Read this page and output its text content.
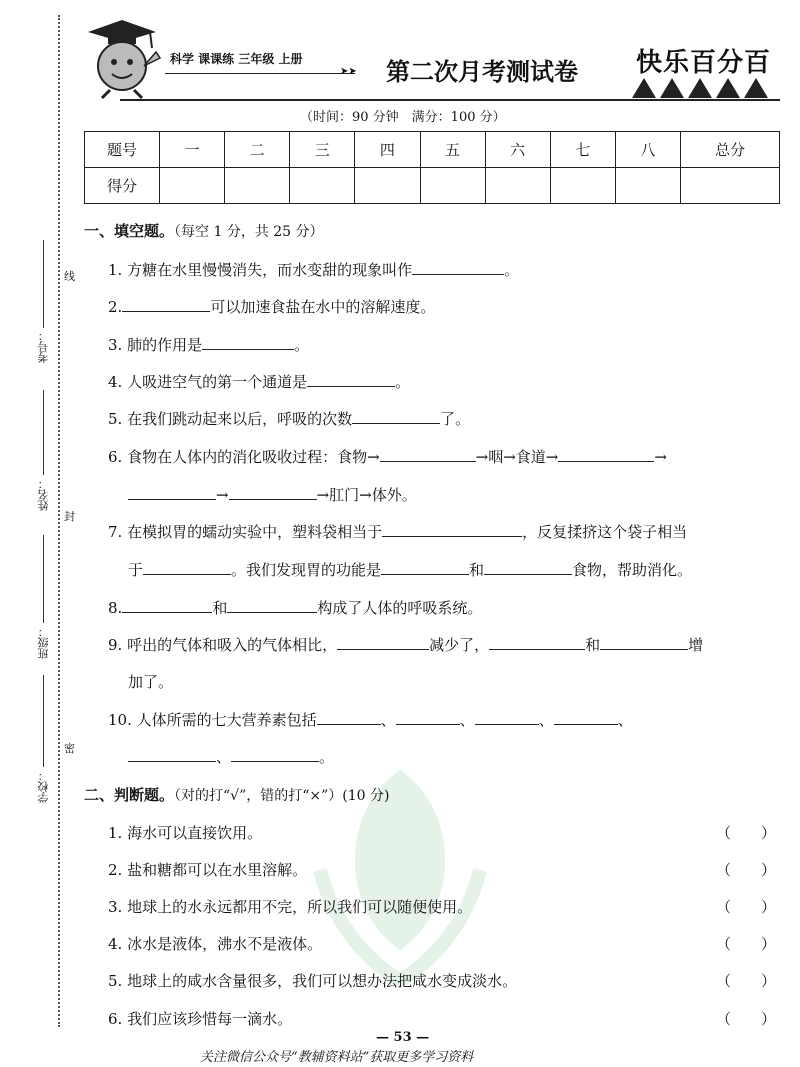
考号：
姓名：
班级：
学校：
线
封
密
科学 课课练 三年级 上册
➤➤ 第二次月考测试卷 快乐百分百
（时间：90 分钟　满分：100 分）
题号	一	二	三	四	五	六	七	八	总分
得分									
一、填空题。（每空 1 分，共 25 分）
1. 方糖在水里慢慢消失，而水变甜的现象叫作	。
2.	可以加速食盐在水中的溶解速度。
3. 肺的作用是	。
4. 人吸进空气的第一个通道是	。
5. 在我们跳动起来以后，呼吸的次数	了。
6. 食物在人体内的消化吸收过程：食物→	→咽→食道→	→
→	→肛门→体外。
7. 在模拟胃的蠕动实验中，塑料袋相当于	，反复揉挤这个袋子相当
于	。我们发现胃的功能是	和	食物，帮助消化。
8.	和	构成了人体的呼吸系统。
9. 呼出的气体和吸入的气体相比，	减少了，	和	增
加了。
10. 人体所需的七大营养素包括	、	、	、	、
、	。
二、判断题。（对的打“√”，错的打“×”）(10 分)
1. 海水可以直接饮用。	（　　）
2. 盐和糖都可以在水里溶解。	（　　）
3. 地球上的水永远都用不完，所以我们可以随便使用。	（　　）
4. 冰水是液体，沸水不是液体。	（　　）
5. 地球上的咸水含量很多，我们可以想办法把咸水变成淡水。	（　　）
6. 我们应该珍惜每一滴水。	（　　）
— 53 —
关注微信公众号“教辅资料站”获取更多学习资料
